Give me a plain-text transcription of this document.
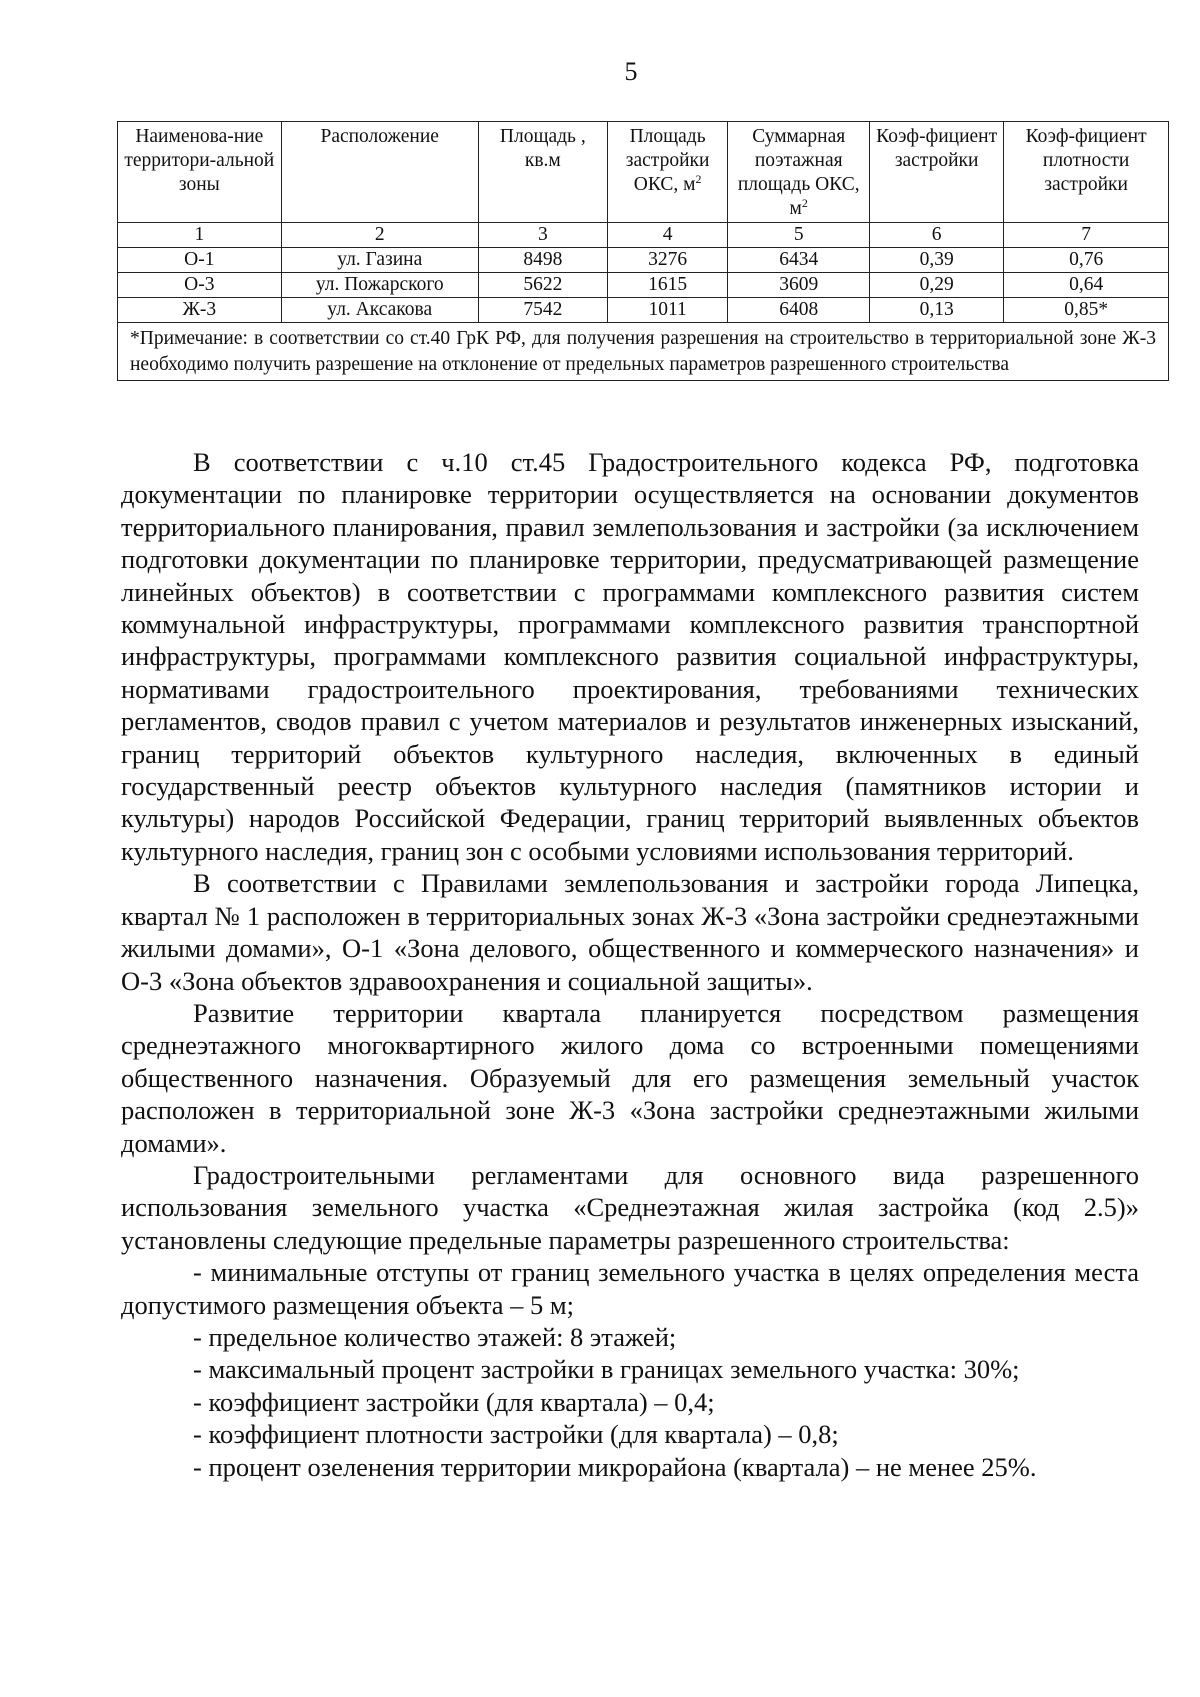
5
Наименова-ние территори-альной зоны	Расположение	Площадь , кв.м	Площадь застройки ОКС, $м^2$	Суммарная поэтажная площадь ОКС, $м^2$	Коэф-фициент застройки	Коэф-фициент плотности застройки
1	2	3	4	5	6	7
О-1	ул. Газина	8498	3276	6434	0,39	0,76
О-3	ул. Пожарского	5622	1615	3609	0,29	0,64
Ж-3	ул. Аксакова	7542	1011	6408	0,13	0,85*
*Примечание: в соответствии со ст.40 ГрК РФ, для получения разрешения на строительство в территориальной зоне Ж-3 необходимо получить разрешение на отклонение от предельных параметров разрешенного строительства						

В соответствии с ч.10 ст.45 Градостроительного кодекса РФ, подготовка документации по планировке территории осуществляется на основании документов территориального планирования, правил землепользования и застройки (за исключением подготовки документации по планировке территории, предусматривающей размещение линейных объектов) в соответствии с программами комплексного развития систем коммунальной инфраструктуры, программами комплексного развития транспортной инфраструктуры, программами комплексного развития социальной инфраструктуры, нормативами градостроительного проектирования, требованиями технических регламентов, сводов правил с учетом материалов и результатов инженерных изысканий, границ территорий объектов культурного наследия, включенных в единый государственный реестр объектов культурного наследия (памятников истории и культуры) народов Российской Федерации, границ территорий выявленных объектов культурного наследия, границ зон с особыми условиями использования территорий.

В соответствии с Правилами землепользования и застройки города Липецка, квартал № 1 расположен в территориальных зонах Ж-3 «Зона застройки среднеэтажными жилыми домами», О-1 «Зона делового, общественного и коммерческого назначения» и О-3 «Зона объектов здравоохранения и социальной защиты».

Развитие территории квартала планируется посредством размещения среднеэтажного многоквартирного жилого дома со встроенными помещениями общественного назначения. Образуемый для его размещения земельный участок расположен в территориальной зоне Ж-3 «Зона застройки среднеэтажными жилыми домами».

Градостроительными регламентами для основного вида разрешенного использования земельного участка «Среднеэтажная жилая застройка (код 2.5)» установлены следующие предельные параметры разрешенного строительства:

- минимальные отступы от границ земельного участка в целях определения места допустимого размещения объекта – 5 м;

- предельное количество этажей: 8 этажей;

- максимальный процент застройки в границах земельного участка: 30%;

- коэффициент застройки (для квартала) – 0,4;

- коэффициент плотности застройки (для квартала) – 0,8;

- процент озеленения территории микрорайона (квартала) – не менее 25%.
